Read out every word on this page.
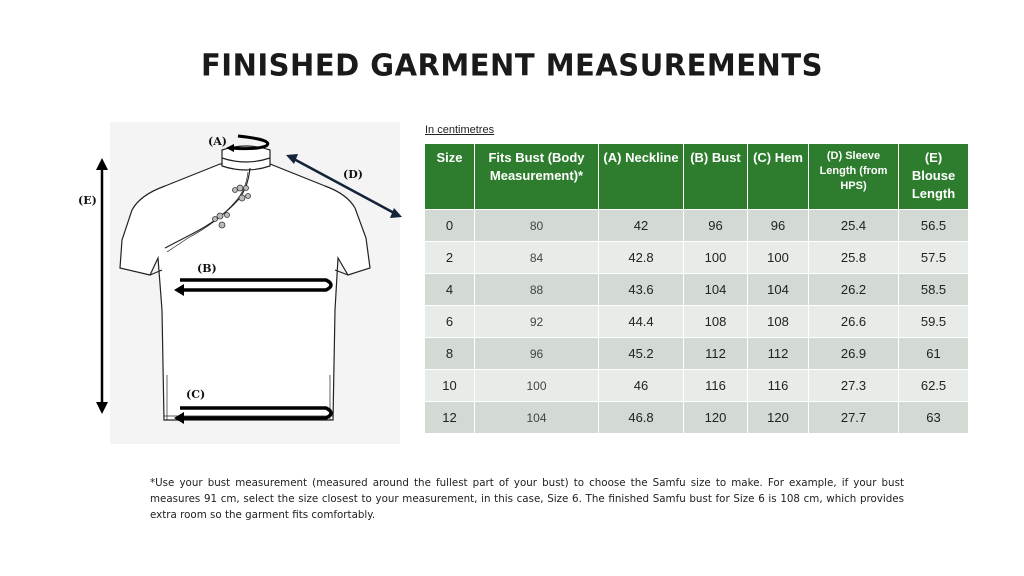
FINISHED GARMENT MEASUREMENTS
(A)
(D)
(E)
(B)
(C)
In centimetres
Size	Fits Bust (Body Measurement)*	(A) Neckline	(B) Bust	(C) Hem	(D) Sleeve Length (from HPS)	(E) Blouse Length
0	80	42	96	96	25.4	56.5
2	84	42.8	100	100	25.8	57.5
4	88	43.6	104	104	26.2	58.5
6	92	44.4	108	108	26.6	59.5
8	96	45.2	112	112	26.9	61
10	100	46	116	116	27.3	62.5
12	104	46.8	120	120	27.7	63
*Use your bust measurement (measured around the fullest part of your bust) to choose the Samfu size to make. For example, if your bust measures 91 cm, select the size closest to your measurement, in this case, Size 6. The finished Samfu bust for Size 6 is 108 cm, which provides extra room so the garment fits comfortably.
